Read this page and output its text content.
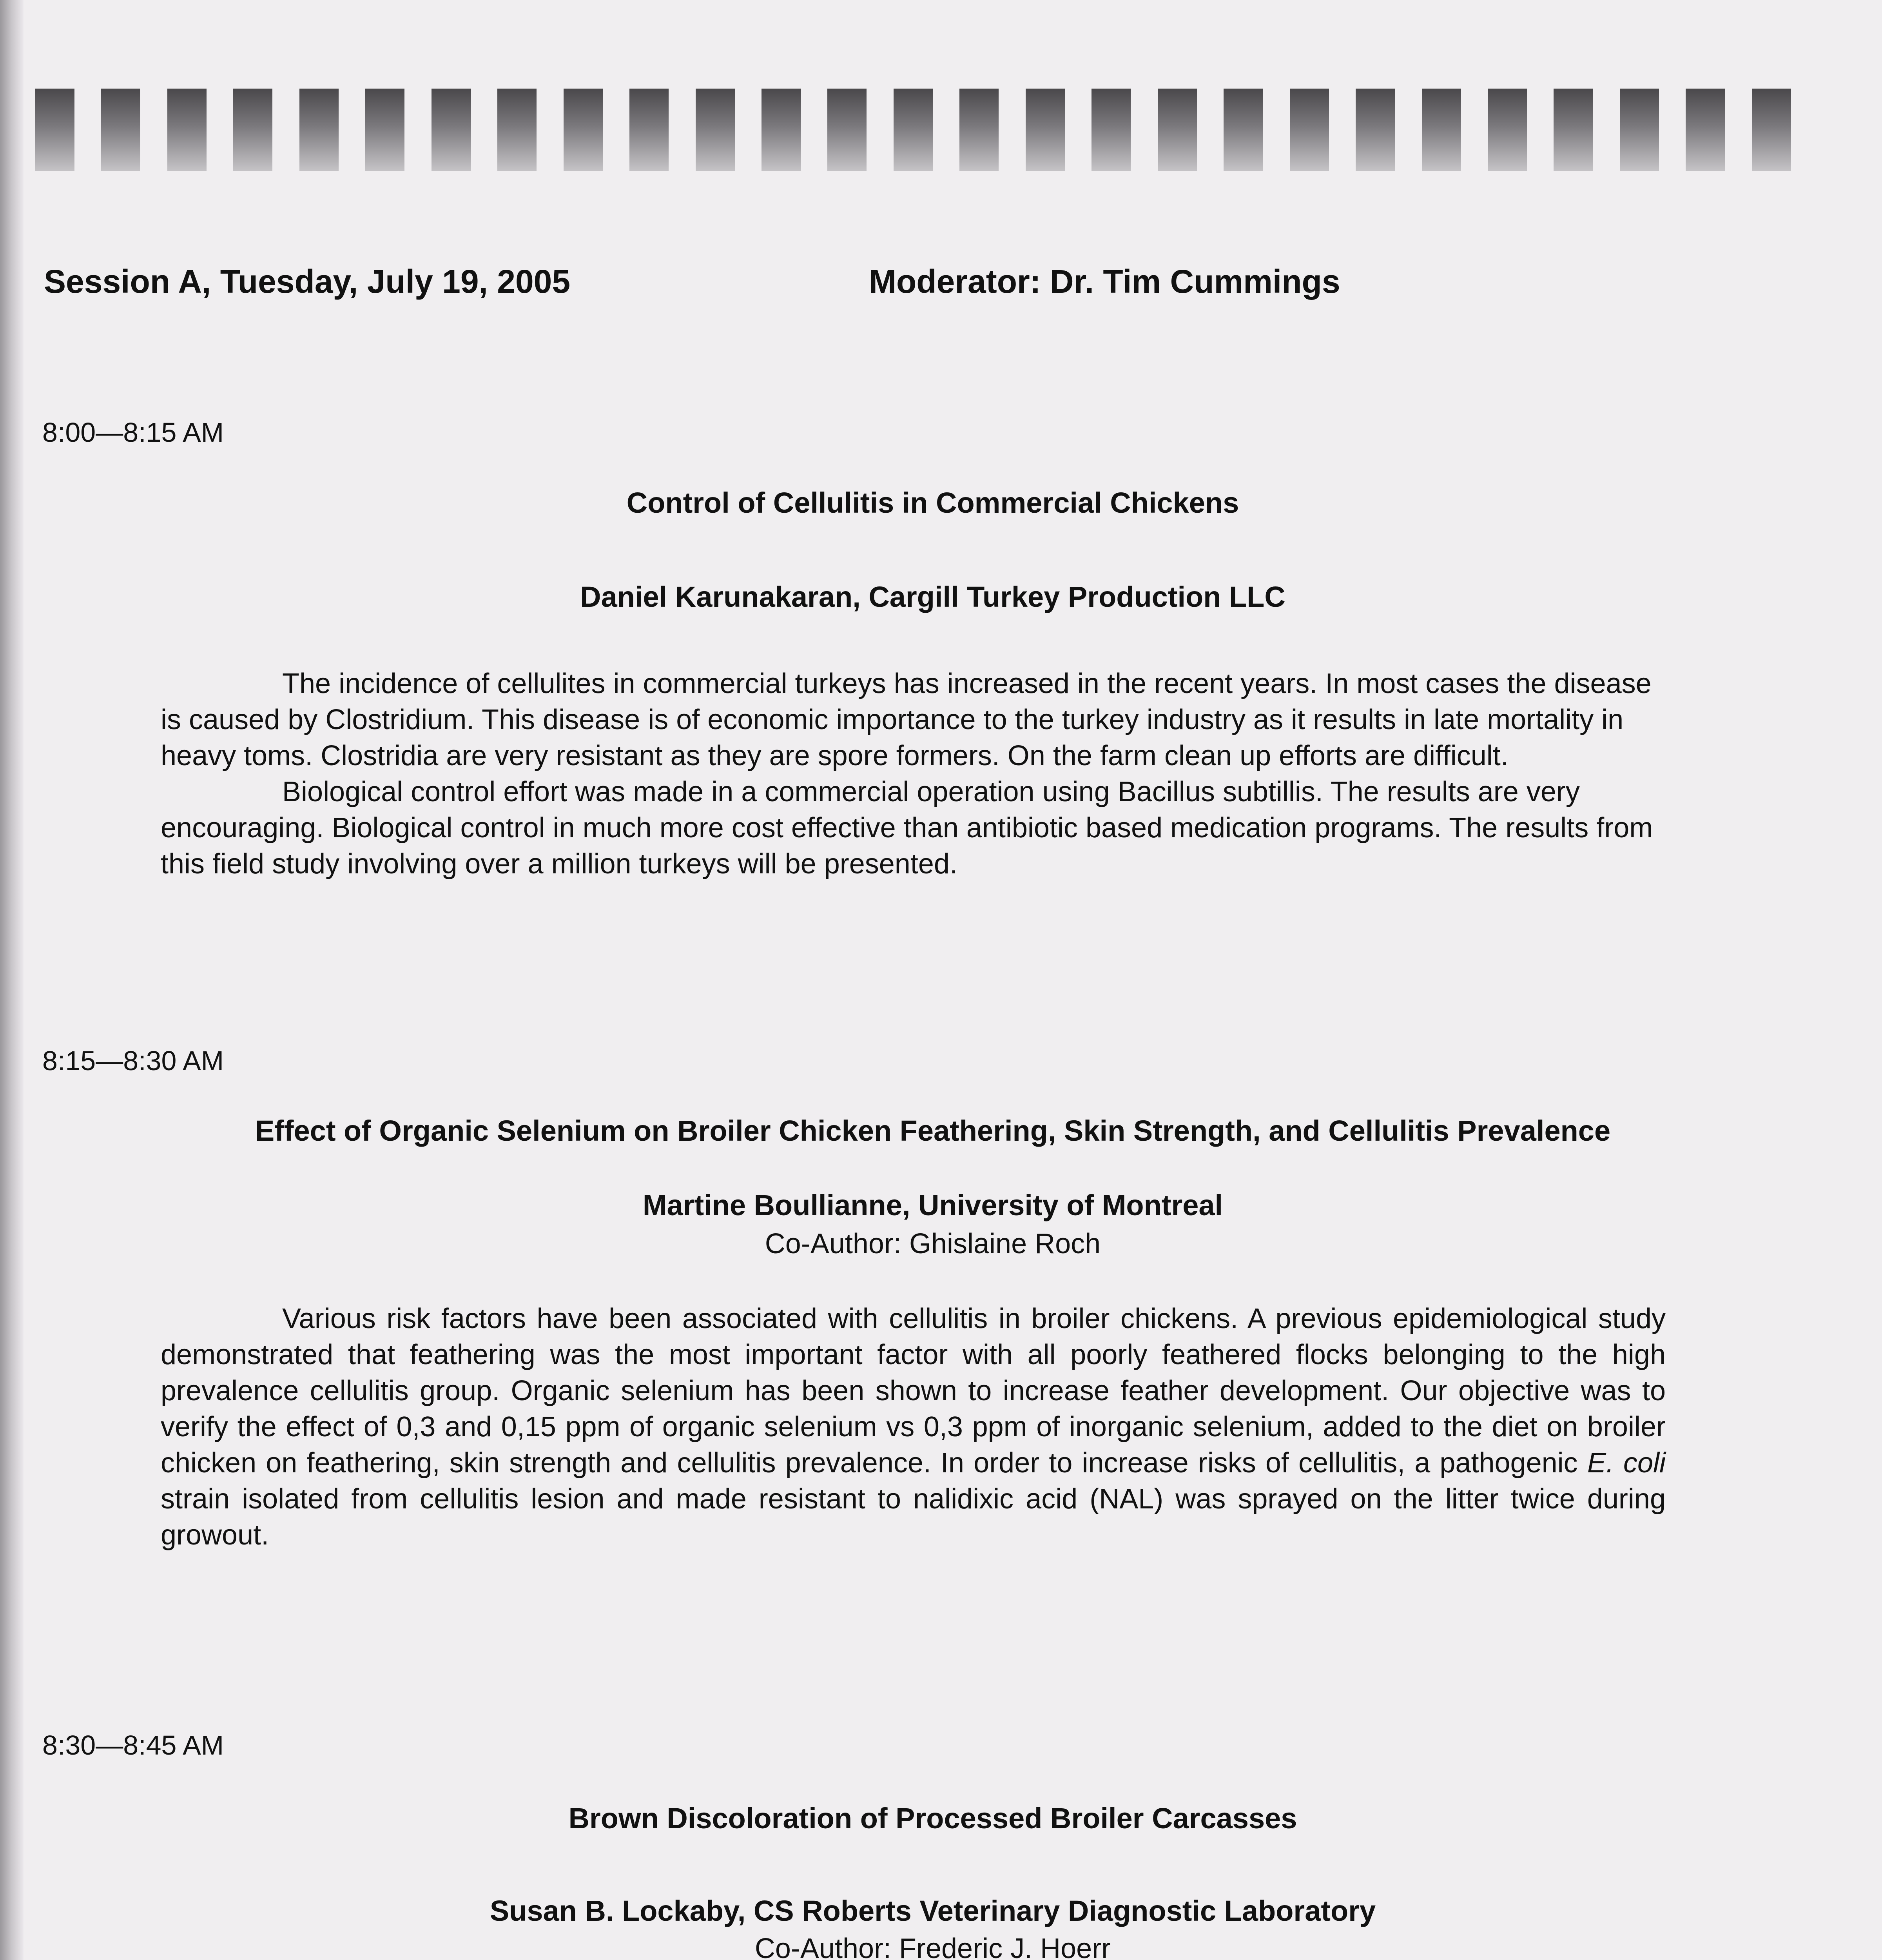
Session A, Tuesday, July 19, 2005	Moderator: Dr. Tim Cummings
8:00—8:15 AM
Control of Cellulitis in Commercial Chickens
Daniel Karunakaran, Cargill Turkey Production LLC

The incidence of cellulites in commercial turkeys has increased in the recent years. In most cases the disease is caused by Clostridium. This disease is of economic importance to the turkey industry as it results in late mortality in heavy toms. Clostridia are very resistant as they are spore formers. On the farm clean up efforts are difficult.

Biological control effort was made in a commercial operation using Bacillus subtillis. The results are very encouraging. Biological control in much more cost effective than antibiotic based medication programs. The results from this field study involving over a million turkeys will be presented.

8:15—8:30 AM
Effect of Organic Selenium on Broiler Chicken Feathering, Skin Strength, and Cellulitis Prevalence
Martine Boullianne, University of Montreal
Co-Author: Ghislaine Roch

Various risk factors have been associated with cellulitis in broiler chickens. A previous epidemiological study demonstrated that feathering was the most important factor with all poorly feathered flocks belonging to the high prevalence cellulitis group. Organic selenium has been shown to increase feather development. Our objective was to verify the effect of 0,3 and 0,15 ppm of organic selenium vs 0,3 ppm of inorganic selenium, added to the diet on broiler chicken on feathering, skin strength and cellulitis prevalence. In order to increase risks of cellulitis, a pathogenic E. coli strain isolated from cellulitis lesion and made resistant to nalidixic acid (NAL) was sprayed on the litter twice during growout.

8:30—8:45 AM
Brown Discoloration of Processed Broiler Carcasses
Susan B. Lockaby, CS Roberts Veterinary Diagnostic Laboratory
Co-Author: Frederic J. Hoerr
